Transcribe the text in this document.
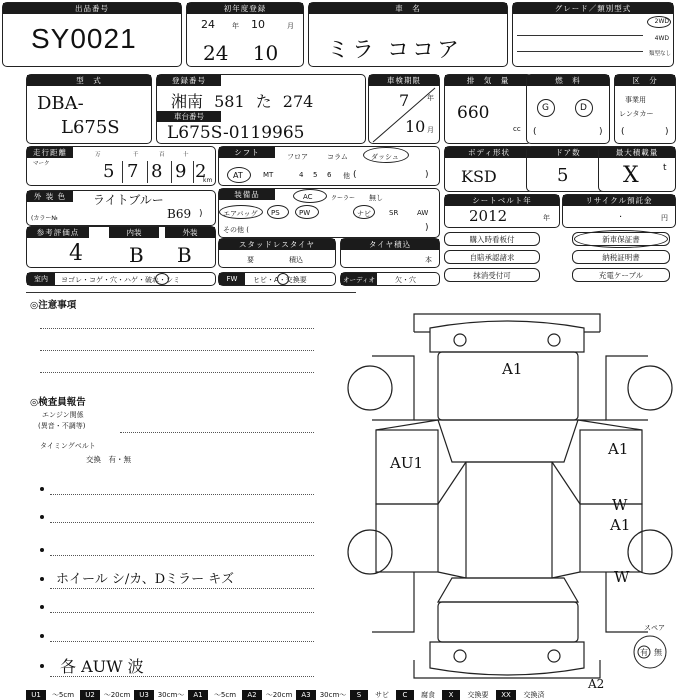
出品番号
SY0021
初年度登録
24 年 10	月
24 10
車　名
ミラ ココア
グレード／類別型式
2WD
4WD
類型なし
型　式
DBA-
L675S
登録番号
湘南 581 た 274
車台番号
L675S-0119965
車検期限
7	年
10 月
排　気　量
660
cc
燃　料
G	D
(	)
区　分
事業用
レンタカー
(	)
走行距離
マーク
万	千	百	十
5 7 8 9 2
km
シフト	フロア	コラム	ダッシュ
AT	MT	4 5 6 他 (	)
ボディ形状
KSD
ドア数
5
最大積載量
X	t
外 装 色	ライトブルー
(カラー№	B69 )
装備品	AC	クーラー 無し
エアバッグ PS	PW	ナビ	SR	AW
その他 (	)
シートベルト年
2012	年
リサイクル預託金
.	円
参考評価点	内装	外装
4 B B	スタッドレスタイヤ
要	積込
タイヤ積込
本
購入時看板付
自賠承認諸求
抹消受付可
新車保証書
納税証明書
充電ケーブル
室内	ヨゴレ・コゲ・穴・ハゲ・破れ・シミ	FW	ヒビ・A・交換要	オーディオ	欠・穴
◎注意事項
◎検査員報告
エンジン関係
(異音・不調等)
タイミングベルト
交換　有・無
ホイール シ/カ、Dミラー キズ
各 AUW 波
A1
AU1
A1
W
A1
W
A2
スペア
有 無
U1	〜5cm	U2	〜20cm	U3	30cm〜	A1	〜5cm	A2	〜20cm	A3	30cm〜	S	サビ	C	腐食	X	交換要	XX	交換済
